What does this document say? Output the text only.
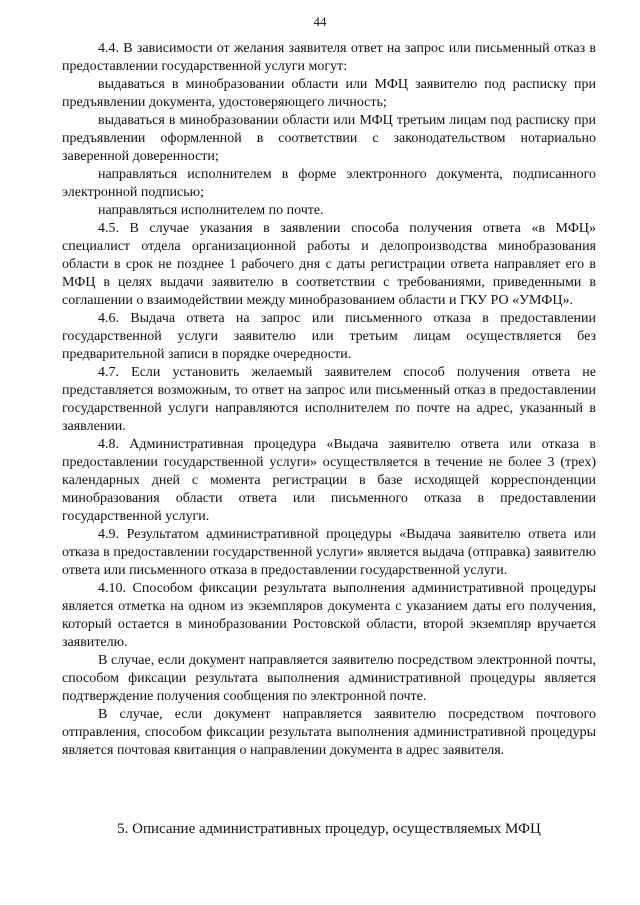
44

4.4. В зависимости от желания заявителя ответ на запрос или письменный отказ в предоставлении государственной услуги могут:

выдаваться в минобразовании области или МФЦ заявителю под расписку при предъявлении документа, удостоверяющего личность;

выдаваться в минобразовании области или МФЦ третьим лицам под расписку при предъявлении оформленной в соответствии с законодательством нотариально заверенной доверенности;

направляться исполнителем в форме электронного документа, подписанного электронной подписью;

направляться исполнителем по почте.

4.5. В случае указания в заявлении способа получения ответа «в МФЦ» специалист отдела организационной работы и делопроизводства минобразования области в срок не позднее 1 рабочего дня с даты регистрации ответа направляет его в МФЦ в целях выдачи заявителю в соответствии с требованиями, приведенными в соглашении о взаимодействии между минобразованием области и ГКУ РО «УМФЦ».

4.6. Выдача ответа на запрос или письменного отказа в предоставлении государственной услуги заявителю или третьим лицам осуществляется без предварительной записи в порядке очередности.

4.7. Если установить желаемый заявителем способ получения ответа не представляется возможным, то ответ на запрос или письменный отказ в предоставлении государственной услуги направляются исполнителем по почте на адрес, указанный в заявлении.

4.8. Административная процедура «Выдача заявителю ответа или отказа в предоставлении государственной услуги» осуществляется в течение не более 3 (трех) календарных дней с момента регистрации в базе исходящей корреспонденции минобразования области ответа или письменного отказа в предоставлении государственной услуги.

4.9. Результатом административной процедуры «Выдача заявителю ответа или отказа в предоставлении государственной услуги» является выдача (отправка) заявителю ответа или письменного отказа в предоставлении государственной услуги.

4.10. Способом фиксации результата выполнения административной процедуры является отметка на одном из экземпляров документа с указанием даты его получения, который остается в минобразовании Ростовской области, второй экземпляр вручается заявителю.

В случае, если документ направляется заявителю посредством электронной почты, способом фиксации результата выполнения административной процедуры является подтверждение получения сообщения по электронной почте.

В случае, если документ направляется заявителю посредством почтового отправления, способом фиксации результата выполнения административной процедуры является почтовая квитанция о направлении документа в адрес заявителя.

5. Описание административных процедур, осуществляемых МФЦ
